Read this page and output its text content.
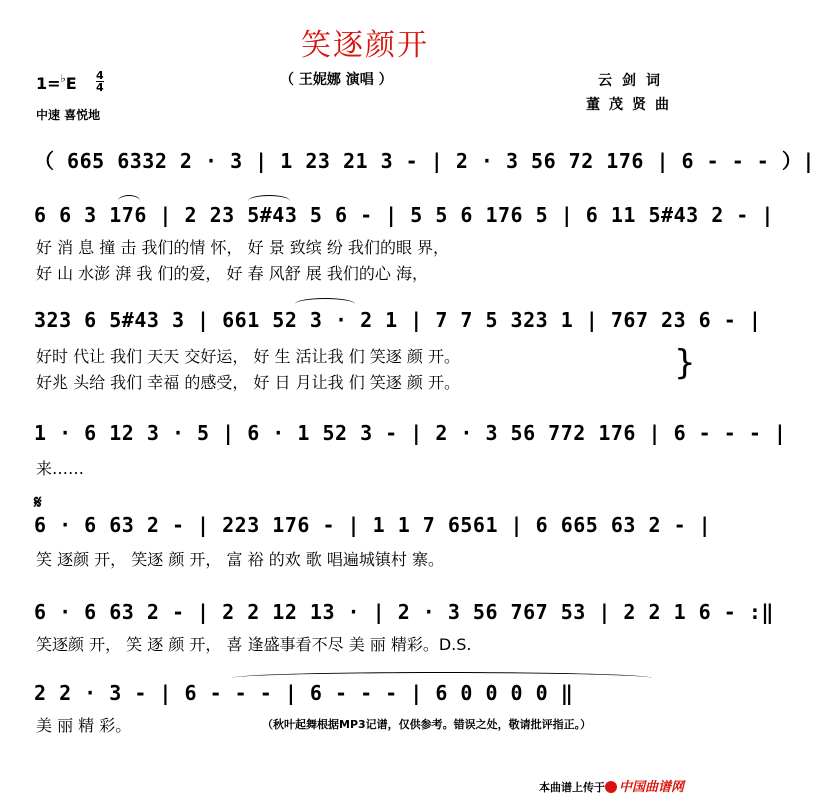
笑逐颜开
（ 王妮娜 演唱 ）
1=♭E 4
4
中速 喜悦地
云剑词
董茂贤曲
（ 665 6332 2 · 3 | 1 23 21 3 - | 2 · 3 56 72 176 | 6 - - - ）|
6 6 3 176 | 2 23 5#43 5 6 - | 5 5 6 176 5 | 6 11 5#43 2 - |
好 消 息 撞 击 我们的情 怀， 好 景 致缤 纷 我们的眼 界，
好 山 水澎 湃 我 们的爱， 好 春 风舒 展 我们的心 海，
323 6 5#43 3 | 661 52 3 · 2 1 | 7 7 5 323 1 | 767 23 6 - |
好时 代让 我们 天天 交好运， 好 生 活让我 们 笑逐 颜 开。
好兆 头给 我们 幸福 的感受， 好 日 月让我 们 笑逐 颜 开。	}
1 · 6 12 3 · 5 | 6 · 1 52 3 - | 2 · 3 56 772 176 | 6 - - - |
来……
𝄋
6 · 6 63 2 - | 223 176 - | 1 1 7 6561 | 6 665 63 2 - |
笑 逐颜 开， 笑逐 颜 开， 富 裕 的欢 歌 唱遍城镇村 寨。
6 · 6 63 2 - | 2 2 12 13 · | 2 · 3 56 767 53 | 2 2 1 6 - :‖
笑逐颜 开， 笑 逐 颜 开， 喜 逢盛事看不尽 美 丽 精彩。D.S.
2 2 · 3 - | 6 - - - | 6 - - - | 6 0 0 0 0 ‖
美 丽 精 彩。	（秋叶起舞根据MP3记谱，仅供参考。错误之处，敬请批评指正。）
本曲谱上传于 中国曲谱网
